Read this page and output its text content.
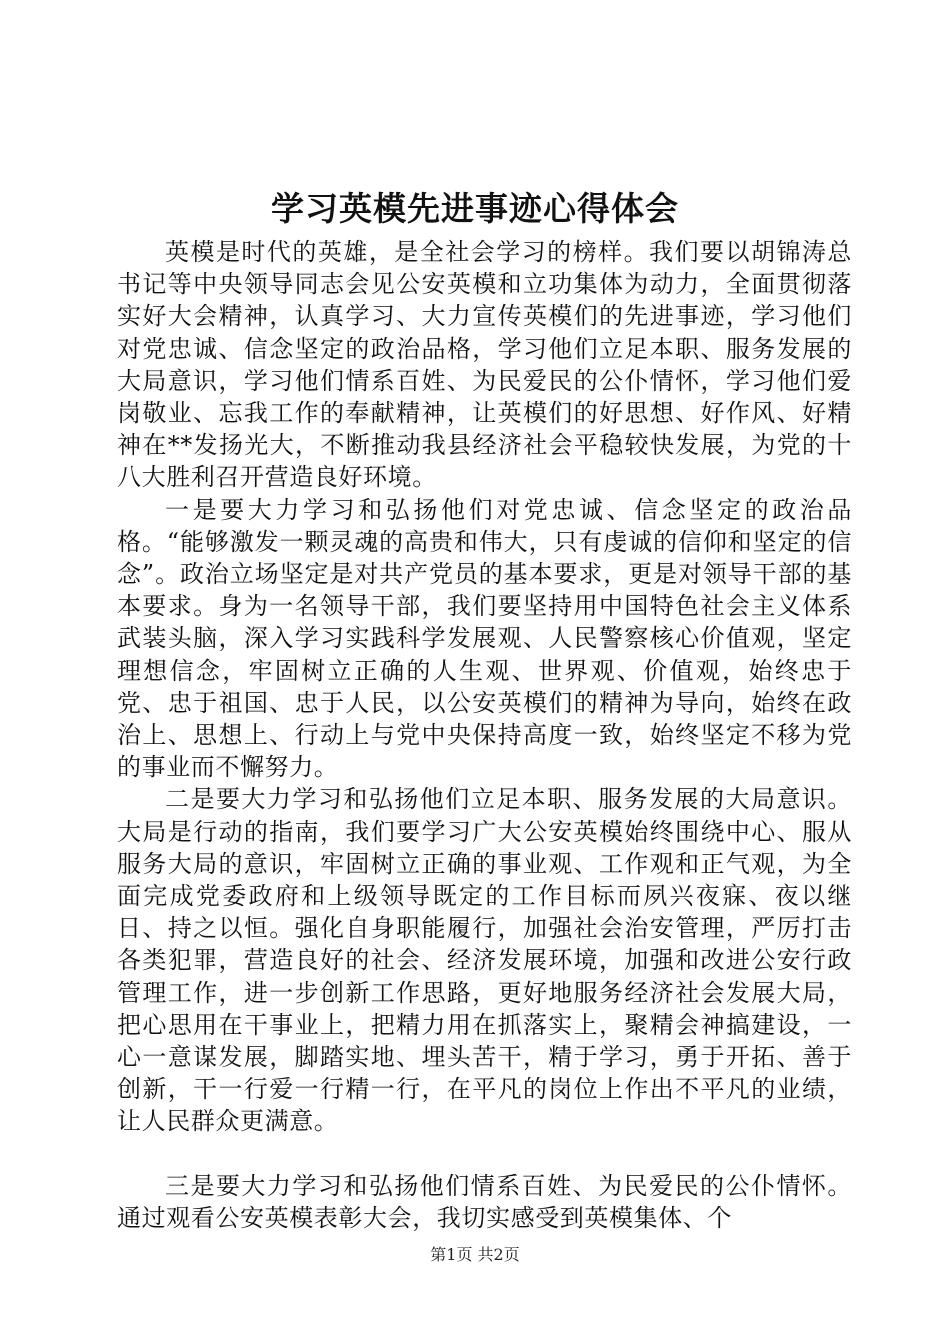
学习英模先进事迹心得体会

英模是时代的英雄，是全社会学习的榜样。我们要以胡锦涛总书记等中央领导同志会见公安英模和立功集体为动力，全面贯彻落实好大会精神，认真学习、大力宣传英模们的先进事迹，学习他们对党忠诚、信念坚定的政治品格，学习他们立足本职、服务发展的大局意识，学习他们情系百姓、为民爱民的公仆情怀，学习他们爱岗敬业、忘我工作的奉献精神，让英模们的好思想、好作风、好精神在**发扬光大，不断推动我县经济社会平稳较快发展，为党的十八大胜利召开营造良好环境。

一是要大力学习和弘扬他们对党忠诚、信念坚定的政治品格。“能够激发一颗灵魂的高贵和伟大，只有虔诚的信仰和坚定的信念”。政治立场坚定是对共产党员的基本要求，更是对领导干部的基本要求。身为一名领导干部，我们要坚持用中国特色社会主义体系武装头脑，深入学习实践科学发展观、人民警察核心价值观，坚定理想信念，牢固树立正确的人生观、世界观、价值观，始终忠于党、忠于祖国、忠于人民，以公安英模们的精神为导向，始终在政治上、思想上、行动上与党中央保持高度一致，始终坚定不移为党的事业而不懈努力。

二是要大力学习和弘扬他们立足本职、服务发展的大局意识。大局是行动的指南，我们要学习广大公安英模始终围绕中心、服从服务大局的意识，牢固树立正确的事业观、工作观和正气观，为全面完成党委政府和上级领导既定的工作目标而夙兴夜寐、夜以继日、持之以恒。强化自身职能履行，加强社会治安管理，严厉打击各类犯罪，营造良好的社会、经济发展环境，加强和改进公安行政管理工作，进一步创新工作思路，更好地服务经济社会发展大局，把心思用在干事业上，把精力用在抓落实上，聚精会神搞建设，一心一意谋发展，脚踏实地、埋头苦干，精于学习，勇于开拓、善于创新，干一行爱一行精一行，在平凡的岗位上作出不平凡的业绩，让人民群众更满意。

三是要大力学习和弘扬他们情系百姓、为民爱民的公仆情怀。通过观看公安英模表彰大会，我切实感受到英模集体、个

第1页 共2页
